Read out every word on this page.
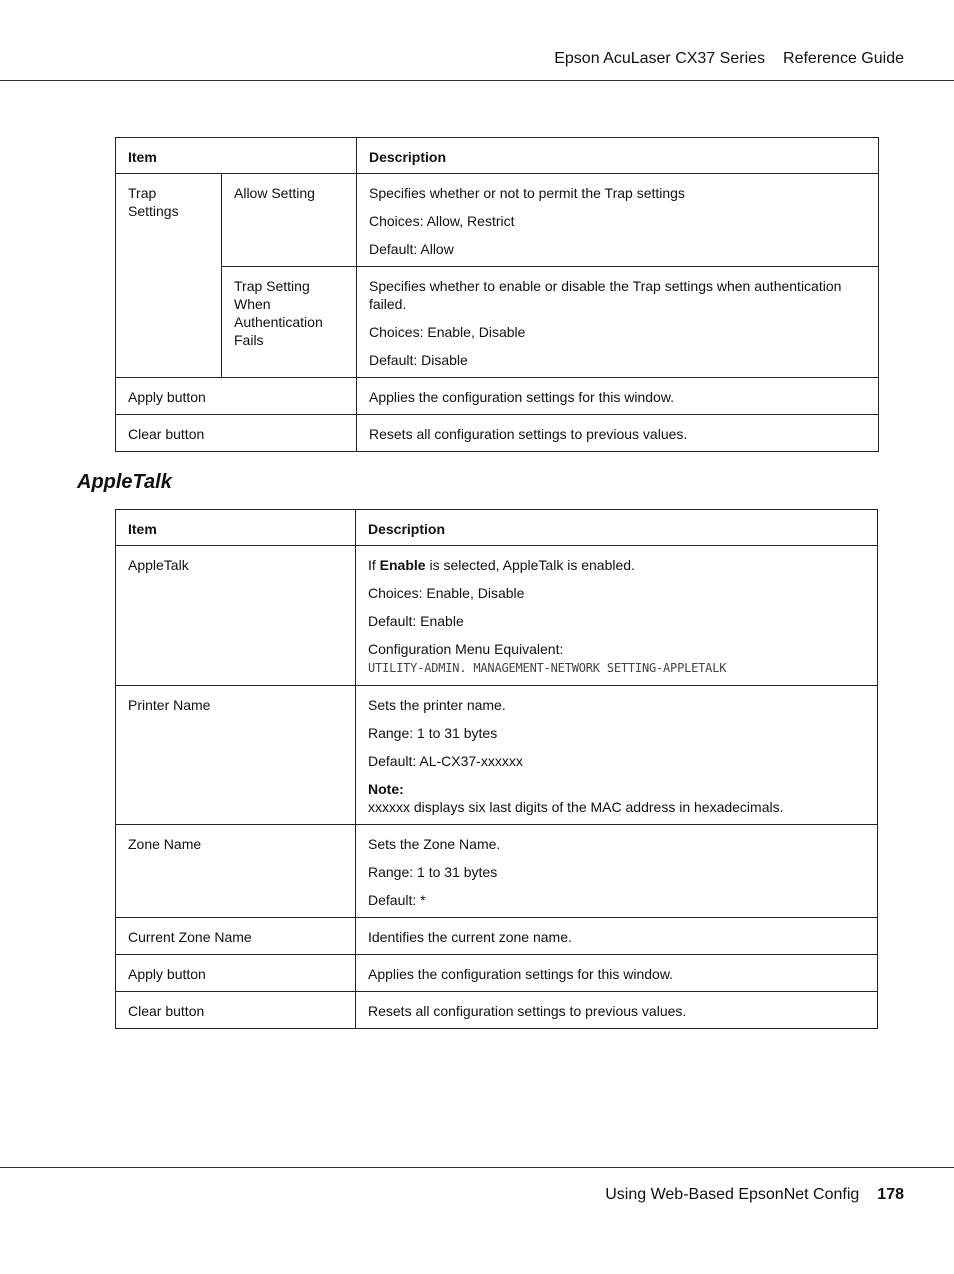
Epson AcuLaser CX37 Series Reference Guide
Item		Description
Trap Settings	Allow Setting	Specifies whether or not to permit the Trap settings

Choices: Allow, Restrict

Default: Allow

	Trap Setting When Authentication Fails	Specifies whether to enable or disable the Trap settings when authentication failed.

Choices: Enable, Disable

Default: Disable

Apply button		Applies the configuration settings for this window.
Clear button		Resets all configuration settings to previous values.
AppleTalk
Item	Description
AppleTalk	If Enable is selected, AppleTalk is enabled.

Choices: Enable, Disable

Default: Enable

Configuration Menu Equivalent:
UTILITY-ADMIN. MANAGEMENT-NETWORK SETTING-APPLETALK

Printer Name	Sets the printer name.

Range: 1 to 31 bytes

Default: AL-CX37-xxxxxx

Note:
xxxxxx displays six last digits of the MAC address in hexadecimals.

Zone Name	Sets the Zone Name.

Range: 1 to 31 bytes

Default: *

Current Zone Name	Identifies the current zone name.
Apply button	Applies the configuration settings for this window.
Clear button	Resets all configuration settings to previous values.
Using Web-Based EpsonNet Config 178
